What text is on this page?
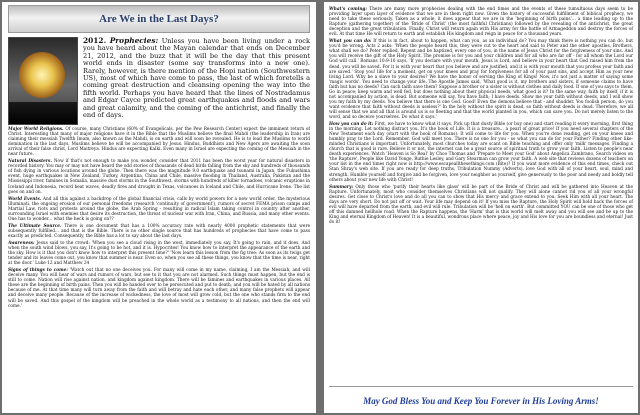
Are We in the Last Days?

2012. Prophecies: Unless you have been living under a rock you have heard about the Mayan calendar that ends on December 21, 2012, and the buzz that it will be the day that this present world ends in disaster (some say transforms into a new one). Rarely, however, is there mention of the Hopi nation (Southwestern US), most of which have come to pass, the last of which foretells a coming great destruction and cleansing opening the way into the fifth world. Perhaps you have heard that the lines of Nostradamus and Edgar Cayce predicted great earthquakes and floods and wars and great calamity, and the coming of the antichrist, and finally the end of days.

Major World Religions. Of course, many Christians (60% of Evangelicals, per the Pew Research Center) expect the imminent return of Christ. Interesting that many of major religions have it in the Bible that the Muslims believe the final Mahdi (the leadership in Iran) are claiming their messiah Twelfth Imam, also known as the Mahdi, is on earth and will soon be revealed. He is to lead the Muslims to world domination in the last days. Muslims believe he will be accompanied by Jesus. Hindus, Buddhists and New Agers are awaiting the soon arrival of their false christ, Lord Maitreya. Hindus are expecting Kalki. Even many in Israel are expecting the coming of the Messiah in the near future.

Natural Disasters. Now if that's not enough to make you wonder, consider that 2011 has been the worst year for natural disasters in recorded history. You may or may not have heard the odd stories of thousands of dead birds falling from the sky and hundreds of thousands of fish dying in various locations around the globe. Then there was the magnitude 9.0 earthquake and tsunami in Japan, the Fukushima event, huge earthquakes in New Zealand, Turkey, Argentina, China and Chile, massive flooding in Thailand, Australia, Pakistan and the Mississippi river, famines in Somalia, massive dust storms in the Southwest, storms with hundreds of killer tornadoes, volcanic eruptions in Iceland and Indonesia, record heat waves, deadly fires and drought in Texas, volcanoes in Iceland and Chile, and Hurricane Irene. The list goes on and on.

World Events. And all this against a backdrop of the global financial crisis, calls by world powers for a new world order, the mysterious Illuminati, the ongoing erosion of our personal freedoms (research 'continuity of government'), rumors of secret FEMA prison camps and Martial Law, riots and protests around the globe, the Arab Spring - resulting in radical Islam taking control in country after another, surrounding Israel with enemies that desire its destruction, the threat of nuclear war with Iran, China, and Russia, and many other events. One has to wonder... what the heck is going on??

The Ultimate Source. There is one document that has a 100% accuracy rate with nearly 4000 prophetic statements that were subsequently fulfilled... and that is the Bible. There is no other single source that has hundreds of prophecies that have come to pass exactly as predicted. Consequently, the Bible has a lot to say about the last days.

Awareness: Jesus said to the crowd: 'When you see a cloud rising in the west, immediately you say, It's going to rain, and it does. And when the south wind blows, you say, It's going to be hot, and it is. Hypocrites! You know how to interpret the appearance of the earth and the sky. How is it that you don't know how to interpret this present time?' 'Now learn this lesson from the fig tree: As soon as its twigs get tender and its leaves come out, you know that summer is near. Even so, when you see all these things, you know that the time is near, right at the door.' Luke 12 and Matthew 24

Signs of things to come: 'Watch out that no one deceives you. For many will come in my name, claiming, I am the Messiah, and will deceive many. You will hear of wars and rumors of wars, but see to it that you are not alarmed. Such things must happen, but the end is still to come. Nation will rise against nation, and kingdom against kingdom. There will be famines and earthquakes in various places. All these are the beginning of birth pains. Then you will be handed over to be persecuted and put to death, and you will be hated by all nations because of me. At that time many will turn away from the faith and will betray and hate each other, and many false prophets will appear and deceive many people. Because of the increase of wickedness, the love of most will grow cold, but the one who stands firm to the end will be saved. And this gospel of the kingdom will be preached in the whole world as a testimony to all nations, and then the end will come.'

What's coming: There are many more prophecies dealing with the end times and the events of these tumultuous days seem to be providing layer upon layer of evidence that we are in them right now. Given the history of successful fulfillment of biblical prophecy, we need to take these seriously. Taken as a whole, it does appear that we are in the 'beginning of birth pains'... a time leading up to the Rapture (gathering together) of the 'Bride of Christ' (the most faithful Christians) followed by the revealing of the antichrist, the great deception and the great tribulation. Finally, Christ will return again with His army for the battle of Armageddon and destroy the forces of evil. At that time He will return to earth and establish His kingdom and reign in peace for a thousand years.

What you can do: If this is in fact, about to happen, what can you, as an individual do? You may think there is nothing you can do, but you'd be wrong. Acts 2 asks: 'When the people heard this, they were cut to the heart and said to Peter and the other apostles, Brothers, what shall we do? Peter replied, Repent and be baptized, every one of you, in the name of Jesus Christ for the forgiveness of your sins. And you will receive the gift of the Holy Spirit. The promise is for you and your children and for all who are far off - for all whom the Lord our God will call.' Romans 10:9-10 says, 'If you declare with your mouth, Jesus is Lord, and believe in your heart that God raised him from the dead, you will be saved. For it is with your heart that you believe and are justified, and it is with your mouth that you profess your faith and are saved.' Stop you! life for a moment, get on your knees and pray for forgiveness for all of your past sins, and accept Him as your new living Lord. Why be a slave to your desires? We have the honor of serving the King of Kings! Now, it's not just a matter of saying some 'magic words'. You need to change your life. The Apostle James said, 'What good is it, my brothers and sisters, if someone claims to have faith but has no deeds? Can such faith save them? Suppose a brother or a sister is without clothes and daily food. If one of you says to them, Go in peace; keep warm and well fed, but does nothing about their physical needs, what good is it? In the same way, faith by itself, if it is not accompanied by action, is dead. But someone will say, You have faith; I have deeds. Show me your faith without deeds, and I will show you my faith by my deeds. You believe that there is one God. Good! Even the demons believe that - and shudder. You foolish person, do you want evidence that faith without deeds is useless?' In the holy without the spirit is dead, so faith without deeds is dead. Therefore, we all will sense that we and all that is around us is so fleeting and that the world planted in you, which can save you. Do not merely listen to the word, and so deceive yourselves. Do what it says.'

How you can do it: First, we have to know what it says. Pick up that dusty Bible (or buy one) and start reading it every morning, first thing in the morning. Let nothing distract you. It's the book of Life. It is a treasure... a pearl of great price! If you need several chapters of the New Testament each day (start with the book of Romans). It will come to life for you. When you're done reading, get on your knees and humbly pray to the Lord. Remember, God will meet you. There is no one for you - so what you can do for your Father? Finding other like-minded Christians is important. Unfortunately, most churches today are scant on Bible teaching and offer only 'milk' messages. Finding a church that is good is rare. Believe it or not, the internet can be a great source of spiritual truth to grow your faith. Listen to people's near death experiences. Watch 'Heaven is So Real' by Choo Thomas and 'Prepare to Meet your God' about Angelica Zambrano, Search videos on 'the Rapture', People like David Yonge, Ruthie Lesley, and Gary Stearman can grow your faith. A web site that reviews dozens of teachers on your list in the end times right now is http://www.escapeallthesethings.com (Bite)? If you want more evidence of this end times, check out Stan Shray's web site. If you are ready for deep truths, Tribulation Nummy (Adverts), love God with all of your heart, soul, mind and strength. Humble yourself and forgive and be forgiven, love your neighbor as yourself, give generously to the poor and needy and boldly tell others about your new life with Christ!

Summary: Only those who 'purify their hearts like glass' will be part of the Bride of Christ and will be gathered into Heaven at the Rapture. Unfortunately, most who consider themselves Christians will not qualify. They will alone cannot rid you of all your wrongful desires. Get close to Christ's love and do all you can to show that His mercy and grace extend to you. Seek Him with all your heart. The days are very short. Do not put off or wait. Your life may depend on it! If you miss the Rapture, the Holy Spirit will hold back the forces of evil will have departed from the earth, and evil will rule. Tribulation will be 'hell on earth'. But committed YOU can be one of those who get off this damned hellhole road. When the Rapture happens, the 'Harm' that is this world will melt away and you will see and be up to the King and eternal Kingdom of Heaven! It is a beautiful, wondrous place where peace, joy and His love for you are boundless and eternal! Just do it!

May God Bless You and Keep You Forever in His Loving Arms!
